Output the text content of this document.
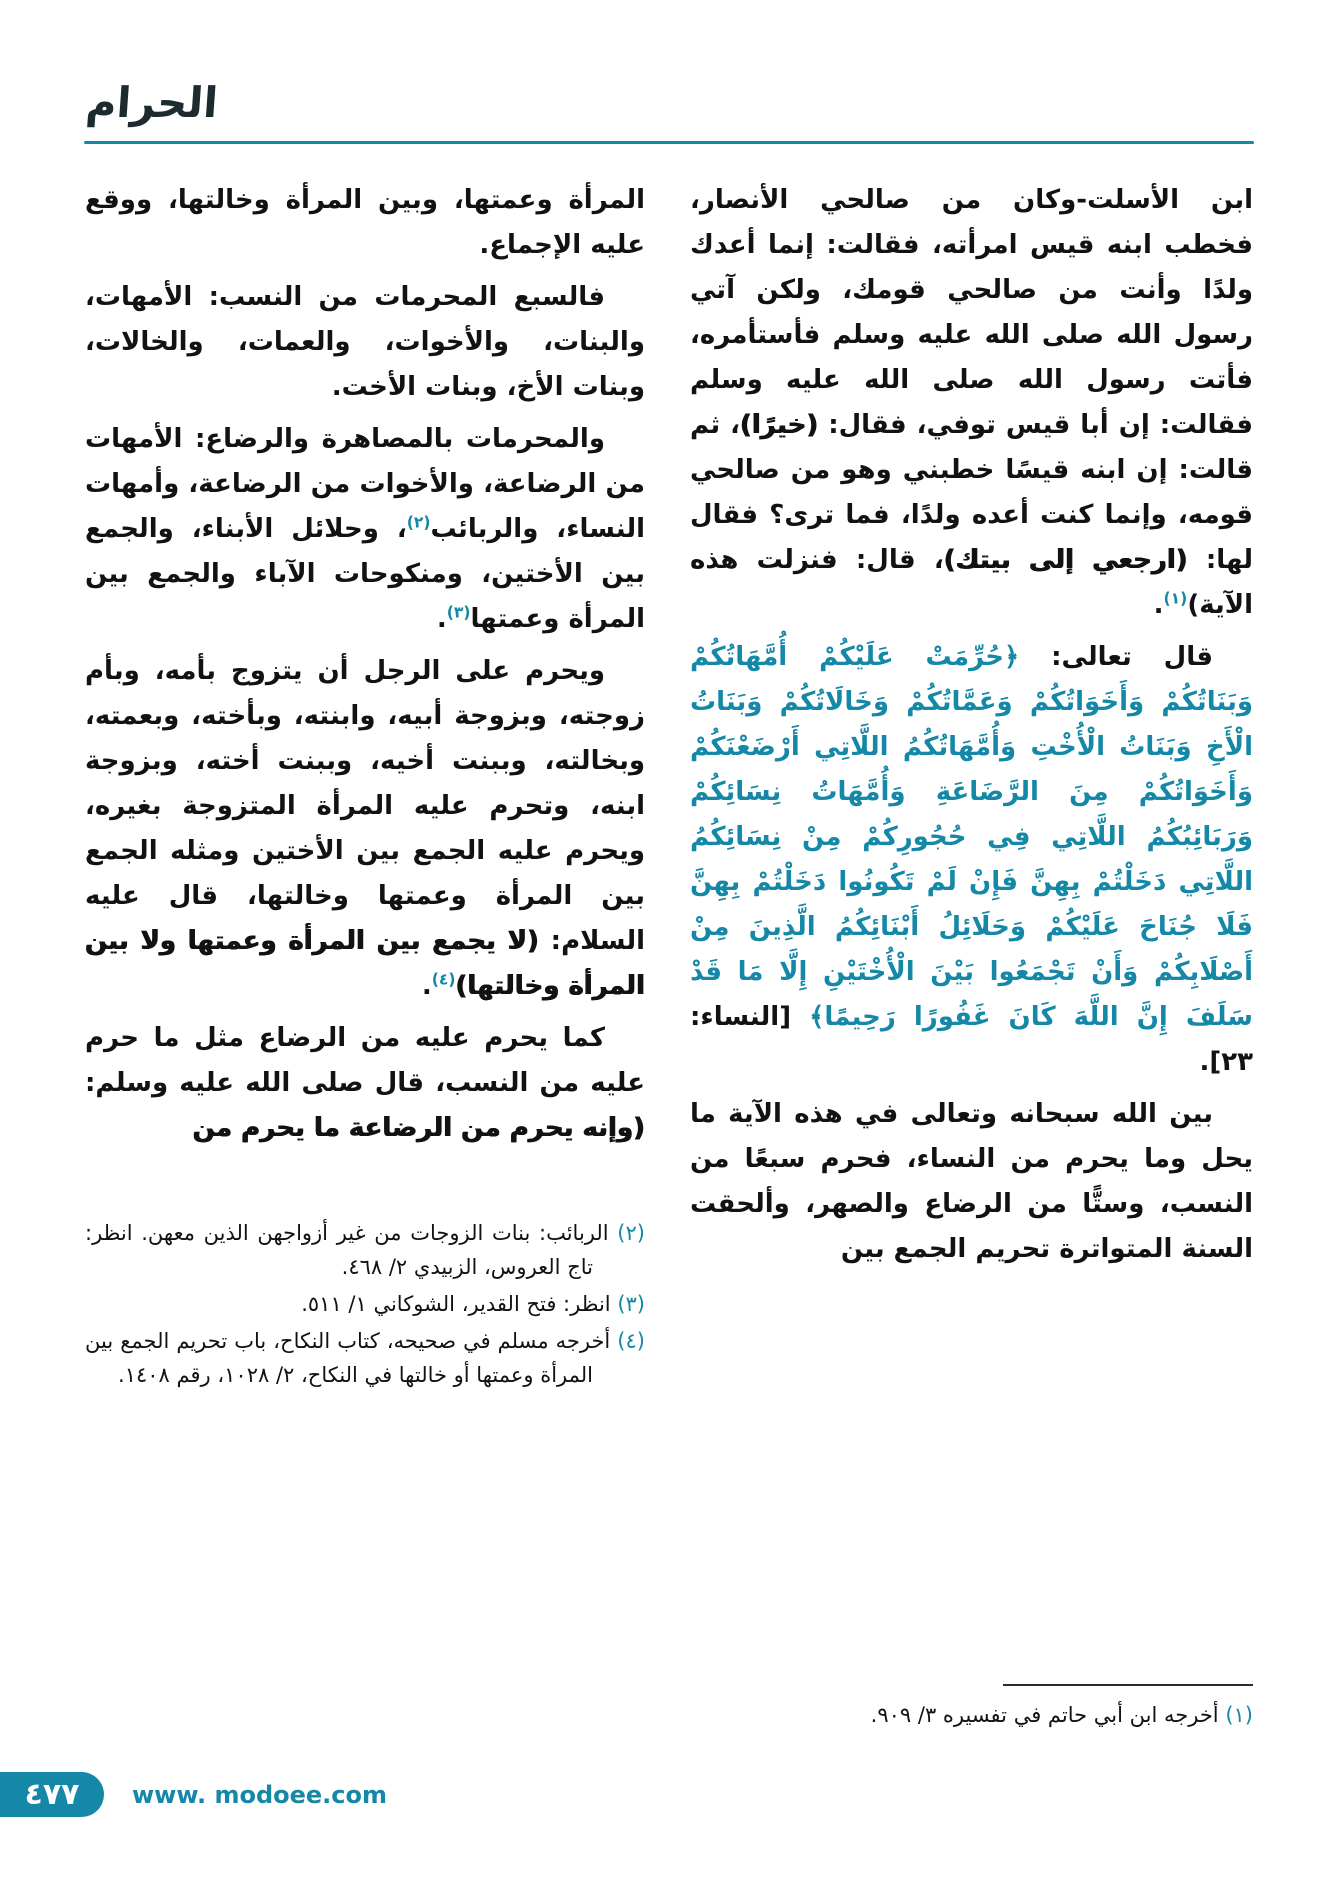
الحرام

ابن الأسلت-وكان من صالحي الأنصار، فخطب ابنه قيس امرأته، فقالت: إنما أعدك ولدًا وأنت من صالحي قومك، ولكن آتي رسول الله صلى الله عليه وسلم فأستأمره، فأتت رسول الله صلى الله عليه وسلم فقالت: إن أبا قيس توفي، فقال: (خيرًا)، ثم قالت: إن ابنه قيسًا خطبني وهو من صالحي قومه، وإنما كنت أعده ولدًا، فما ترى؟ فقال لها: (ارجعي إلى بيتك)، قال: فنزلت هذه الآية)$^{(١)}$.

قال تعالى: ﴿حُرِّمَتْ عَلَيْكُمْ أُمَّهَاتُكُمْ وَبَنَاتُكُمْ وَأَخَوَاتُكُمْ وَعَمَّاتُكُمْ وَخَالَاتُكُمْ وَبَنَاتُ الْأَخِ وَبَنَاتُ الْأُخْتِ وَأُمَّهَاتُكُمُ اللَّاتِي أَرْضَعْنَكُمْ وَأَخَوَاتُكُمْ مِنَ الرَّضَاعَةِ وَأُمَّهَاتُ نِسَائِكُمْ وَرَبَائِبُكُمُ اللَّاتِي فِي حُجُورِكُمْ مِنْ نِسَائِكُمُ اللَّاتِي دَخَلْتُمْ بِهِنَّ فَإِنْ لَمْ تَكُونُوا دَخَلْتُمْ بِهِنَّ فَلَا جُنَاحَ عَلَيْكُمْ وَحَلَائِلُ أَبْنَائِكُمُ الَّذِينَ مِنْ أَصْلَابِكُمْ وَأَنْ تَجْمَعُوا بَيْنَ الْأُخْتَيْنِ إِلَّا مَا قَدْ سَلَفَ إِنَّ اللَّهَ كَانَ غَفُورًا رَحِيمًا﴾ [النساء: ٢٣].

بين الله سبحانه وتعالى في هذه الآية ما يحل وما يحرم من النساء، فحرم سبعًا من النسب، وستًّا من الرضاع والصهر، وألحقت السنة المتواترة تحريم الجمع بين

(١) أخرجه ابن أبي حاتم في تفسيره ٣/ ٩٠٩.

المرأة وعمتها، وبين المرأة وخالتها، ووقع عليه الإجماع.

فالسبع المحرمات من النسب: الأمهات، والبنات، والأخوات، والعمات، والخالات، وبنات الأخ، وبنات الأخت.

والمحرمات بالمصاهرة والرضاع: الأمهات من الرضاعة، والأخوات من الرضاعة، وأمهات النساء، والربائب$^{(٢)}$، وحلائل الأبناء، والجمع بين الأختين، ومنكوحات الآباء والجمع بين المرأة وعمتها$^{(٣)}$.

ويحرم على الرجل أن يتزوج بأمه، وبأم زوجته، وبزوجة أبيه، وابنته، وبأخته، وبعمته، وبخالته، وببنت أخيه، وببنت أخته، وبزوجة ابنه، وتحرم عليه المرأة المتزوجة بغيره، ويحرم عليه الجمع بين الأختين ومثله الجمع بين المرأة وعمتها وخالتها، قال عليه السلام: (لا يجمع بين المرأة وعمتها ولا بين المرأة وخالتها)$^{(٤)}$.

كما يحرم عليه من الرضاع مثل ما حرم عليه من النسب، قال صلى الله عليه وسلم: (وإنه يحرم من الرضاعة ما يحرم من

(٢) الربائب: بنات الزوجات من غير أزواجهن الذين معهن. انظر: تاج العروس، الزبيدي ٢/ ٤٦٨.

(٣) انظر: فتح القدير، الشوكاني ١/ ٥١١.

(٤) أخرجه مسلم في صحيحه، كتاب النكاح، باب تحريم الجمع بين المرأة وعمتها أو خالتها في النكاح، ٢/ ١٠٢٨، رقم ١٤٠٨.

٤٧٧ www. modoee.com
